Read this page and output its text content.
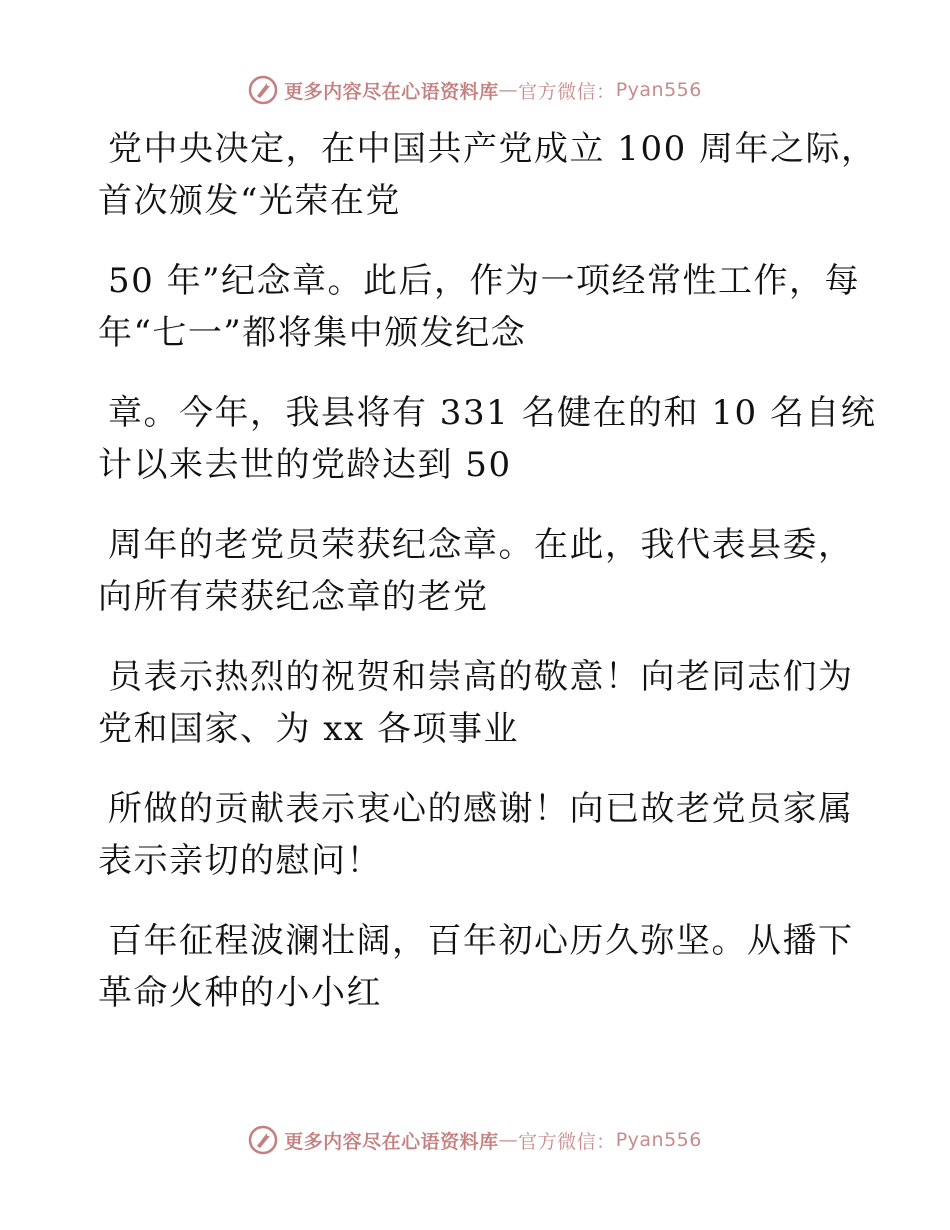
更多内容尽在心语资料库 — 官方微信： Pyan556
党中央决定，在中国共产党成立 100 周年之际，
首次颁发“光荣在党
50 年”纪念章。此后，作为一项经常性工作，每
年“七一”都将集中颁发纪念
章。今年，我县将有 331 名健在的和 10 名自统
计以来去世的党龄达到 50
周年的老党员荣获纪念章。在此，我代表县委，
向所有荣获纪念章的老党
员表示热烈的祝贺和崇高的敬意！向老同志们为
党和国家、为 xx 各项事业
所做的贡献表示衷心的感谢！向已故老党员家属
表示亲切的慰问！
百年征程波澜壮阔，百年初心历久弥坚。从播下
革命火种的小小红
更多内容尽在心语资料库 — 官方微信： Pyan556
